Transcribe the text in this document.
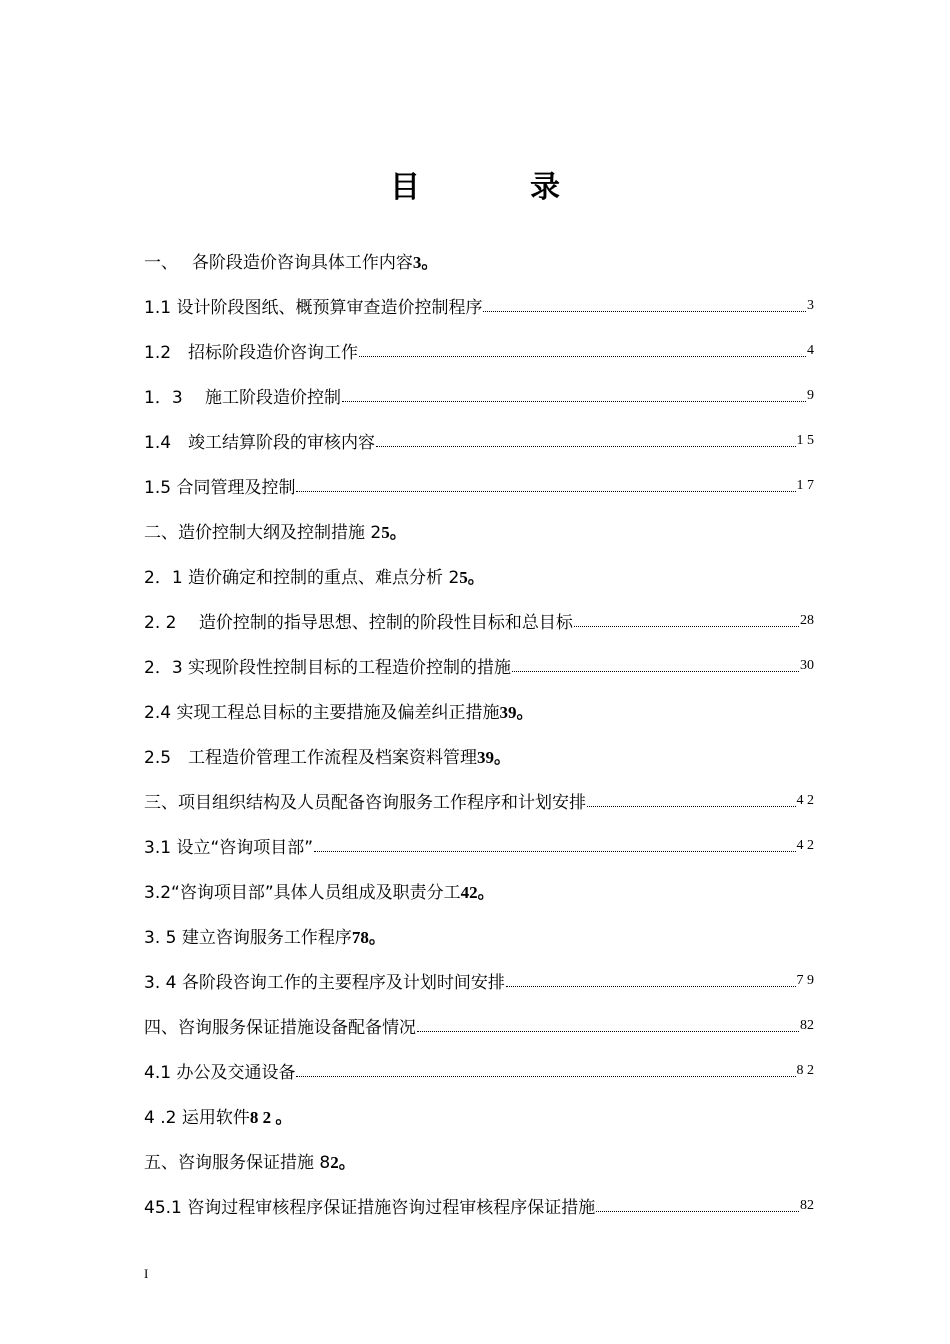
目　录
一、　 各阶段造价咨询具体工作内容 3｡
1.1 设计阶段图纸、概预算审查造价控制程序	3
1.2　招标阶段造价咨询工作	4
1．3　 施工阶段造价控制	9
1.4　竣工结算阶段的审核内容	1 5
1.5 合同管理及控制	1 7
二、造价控制大纲及控制措施 2 5｡
2．1 造价确定和控制的重点、难点分析 2 5｡
2. 2　 造价控制的指导思想、控制的阶段性目标和总目标	28
2．3 实现阶段性控制目标的工程造价控制的措施	30
2.4 实现工程总目标的主要措施及偏差纠正措施 39｡
2.5　工程造价管理工作流程及档案资料管理 39｡
三、项目组织结构及人员配备咨询服务工作程序和计划安排	4 2
3.1 设立“咨询项目部”	4 2
3.2“咨询项目部”具体人员组成及职责分工 42｡
3. 5 建立咨询服务工作程序 78｡
3. 4 各阶段咨询工作的主要程序及计划时间安排	7 9
四、咨询服务保证措施设备配备情况	82
4.1 办公及交通设备	8 2
4 .2 运用软件 8 2 ｡
五、咨询服务保证措施 8 2｡
45.1 咨询过程审核程序保证措施咨询过程审核程序保证措施	82
I
